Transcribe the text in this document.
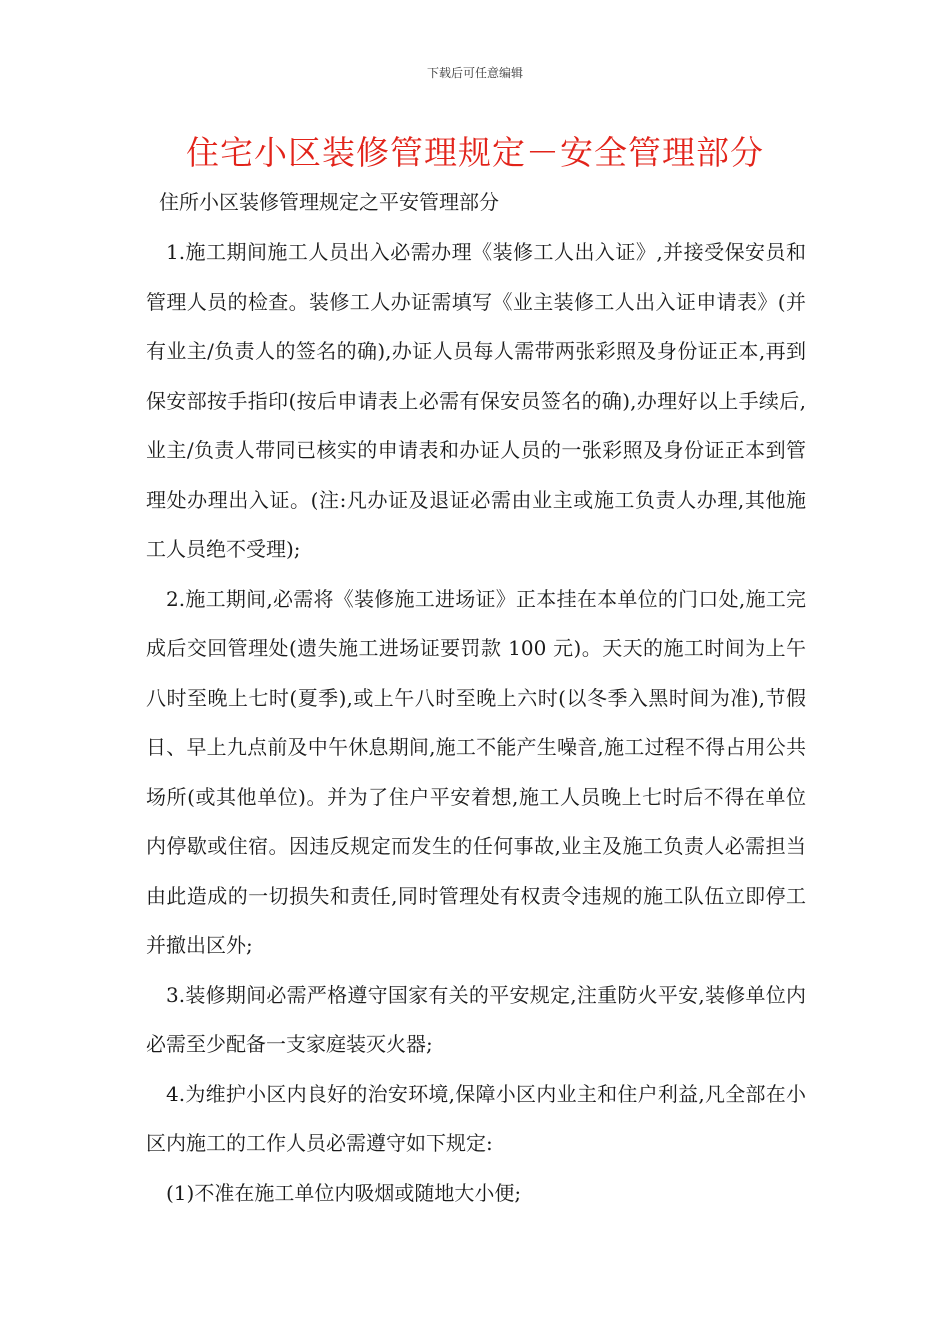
下载后可任意编辑
住宅小区装修管理规定－安全管理部分
住所小区装修管理规定之平安管理部分

1.施工期间施工人员出入必需办理《装修工人出入证》,并接受保安员和管理人员的检查。装修工人办证需填写《业主装修工人出入证申请表》(并有业主/负责人的签名的确),办证人员每人需带两张彩照及身份证正本,再到保安部按手指印(按后申请表上必需有保安员签名的确),办理好以上手续后,业主/负责人带同已核实的申请表和办证人员的一张彩照及身份证正本到管理处办理出入证。(注:凡办证及退证必需由业主或施工负责人办理,其他施工人员绝不受理);

2.施工期间,必需将《装修施工进场证》正本挂在本单位的门口处,施工完成后交回管理处(遗失施工进场证要罚款 100 元)。天天的施工时间为上午八时至晚上七时(夏季),或上午八时至晚上六时(以冬季入黑时间为准),节假日、早上九点前及中午休息期间,施工不能产生噪音,施工过程不得占用公共场所(或其他单位)。并为了住户平安着想,施工人员晚上七时后不得在单位内停歇或住宿。因违反规定而发生的任何事故,业主及施工负责人必需担当由此造成的一切损失和责任,同时管理处有权责令违规的施工队伍立即停工并撤出区外;

3.装修期间必需严格遵守国家有关的平安规定,注重防火平安,装修单位内必需至少配备一支家庭装灭火器;

4.为维护小区内良好的治安环境,保障小区内业主和住户利益,凡全部在小区内施工的工作人员必需遵守如下规定:

(1)不准在施工单位内吸烟或随地大小便;
